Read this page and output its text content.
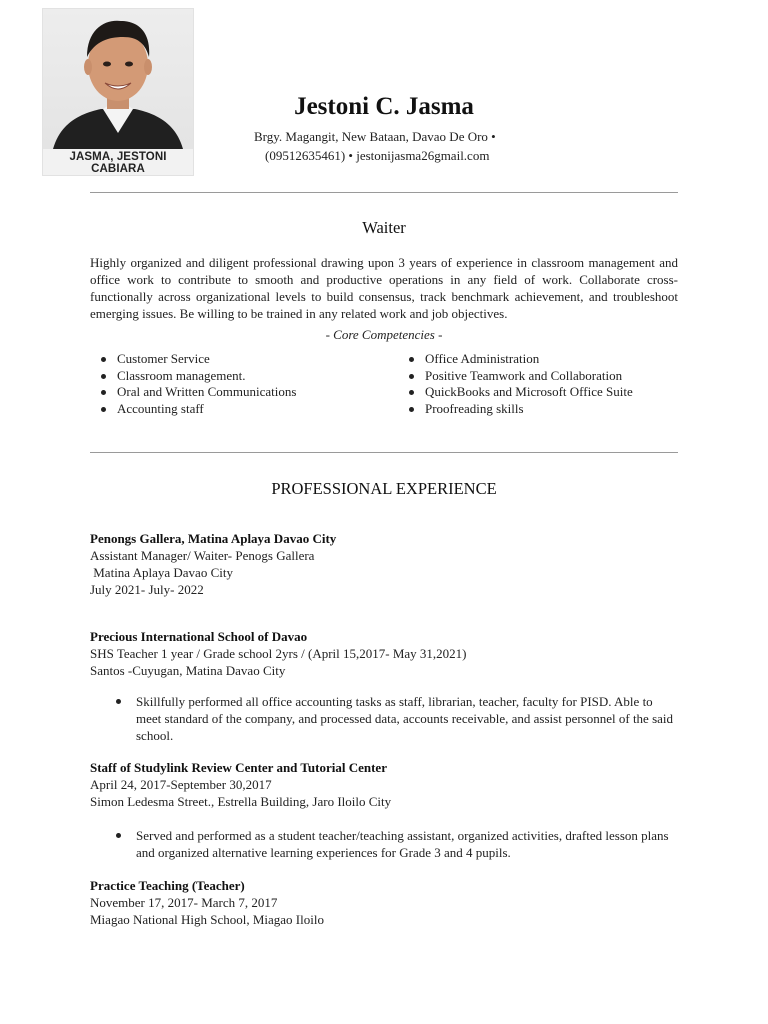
JASMA, JESTONI CABIARA
Jestoni C. Jasma
Brgy. Magangit, New Bataan, Davao De Oro •
(09512635461) • jestonijasma26gmail.com
Waiter
Highly organized and diligent professional drawing upon 3 years of experience in classroom management and office work to contribute to smooth and productive operations in any field of work. Collaborate cross-functionally across organizational levels to build consensus, track benchmark achievement, and troubleshoot emerging issues. Be willing to be trained in any related work and job objectives.
- Core Competencies -
Customer Service
Classroom management.
Oral and Written Communications
Accounting staff
Office Administration
Positive Teamwork and Collaboration
QuickBooks and Microsoft Office Suite
Proofreading skills
PROFESSIONAL EXPERIENCE
Penongs Gallera, Matina Aplaya Davao City
Assistant Manager/ Waiter- Penogs Gallera
Matina Aplaya Davao City
July 2021- July- 2022
Precious International School of Davao
SHS Teacher 1 year / Grade school 2yrs / (April 15,2017- May 31,2021)
Santos -Cuyugan, Matina Davao City
Skillfully performed all office accounting tasks as staff, librarian, teacher, faculty for PISD. Able to meet standard of the company, and processed data, accounts receivable, and assist personnel of the said school.
Staff of Studylink Review Center and Tutorial Center
April 24, 2017-September 30,2017
Simon Ledesma Street., Estrella Building, Jaro Iloilo City
Served and performed as a student teacher/teaching assistant, organized activities, drafted lesson plans and organized alternative learning experiences for Grade 3 and 4 pupils.
Practice Teaching (Teacher)
November 17, 2017- March 7, 2017
Miagao National High School, Miagao Iloilo
